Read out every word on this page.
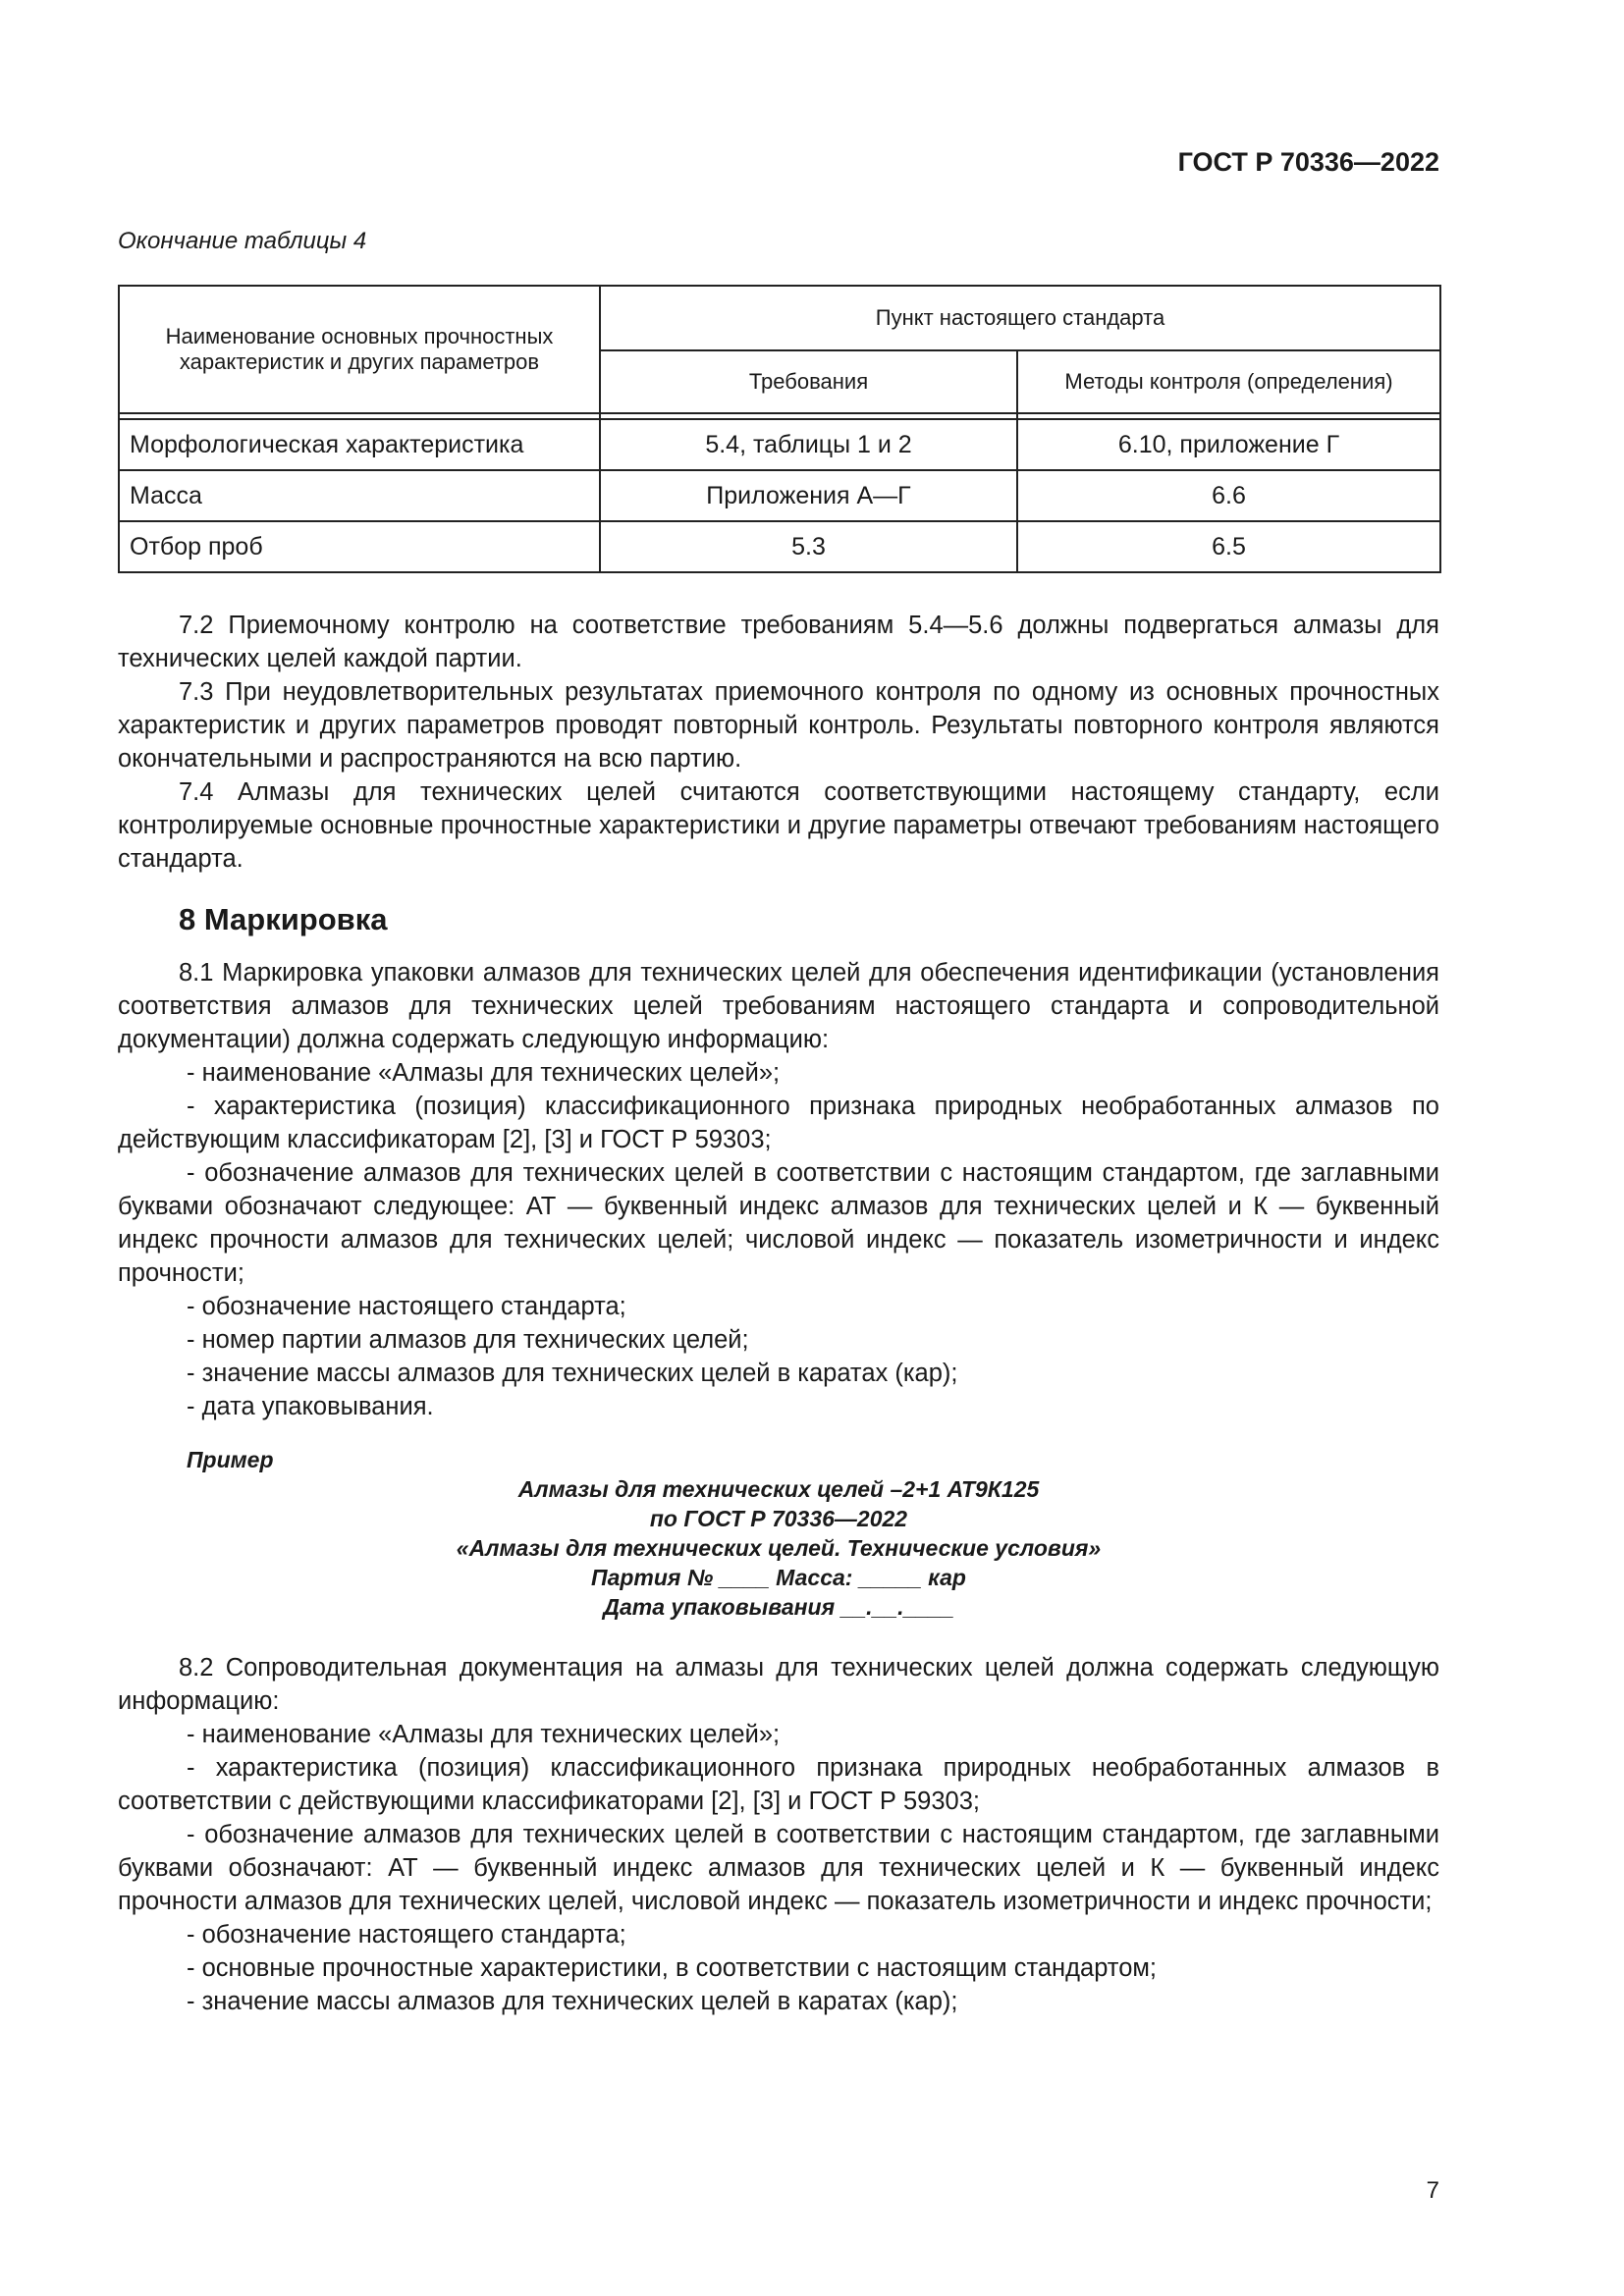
ГОСТ Р 70336—2022
Окончание таблицы 4
Наименование основных прочностных характеристик и других параметров	Пункт настоящего стандарта	
	Требования	Методы контроля (определения)

Морфологическая характеристика	5.4, таблицы 1 и 2	6.10, приложение Г
Масса	Приложения А—Г	6.6
Отбор проб	5.3	6.5

7.2 Приемочному контролю на соответствие требованиям 5.4—5.6 должны подвергаться алмазы для технических целей каждой партии.

7.3 При неудовлетворительных результатах приемочного контроля по одному из основных прочностных характеристик и других параметров проводят повторный контроль. Результаты повторного контроля являются окончательными и распространяются на всю партию.

7.4 Алмазы для технических целей считаются соответствующими настоящему стандарту, если контролируемые основные прочностные характеристики и другие параметры отвечают требованиям настоящего стандарта.

8 Маркировка

8.1 Маркировка упаковки алмазов для технических целей для обеспечения идентификации (установления соответствия алмазов для технических целей требованиям настоящего стандарта и сопроводительной документации) должна содержать следующую информацию:

- наименование «Алмазы для технических целей»;

- характеристика (позиция) классификационного признака природных необработанных алмазов по действующим классификаторам [2], [3] и ГОСТ Р 59303;

- обозначение алмазов для технических целей в соответствии с настоящим стандартом, где заглавными буквами обозначают следующее: АТ — буквенный индекс алмазов для технических целей и К — буквенный индекс прочности алмазов для технических целей; числовой индекс — показатель изометричности и индекс прочности;

- обозначение настоящего стандарта;

- номер партии алмазов для технических целей;

- значение массы алмазов для технических целей в каратах (кар);

- дата упаковывания.

Пример
Алмазы для технических целей –2+1 АТ9К125
по ГОСТ Р 70336—2022
«Алмазы для технических целей. Технические условия»
Партия № ____ Масса: _____ кар
Дата упаковывания __.__.____

8.2 Сопроводительная документация на алмазы для технических целей должна содержать следующую информацию:

- наименование «Алмазы для технических целей»;

- характеристика (позиция) классификационного признака природных необработанных алмазов в соответствии с действующими классификаторами [2], [3] и ГОСТ Р 59303;

- обозначение алмазов для технических целей в соответствии с настоящим стандартом, где заглавными буквами обозначают: АТ — буквенный индекс алмазов для технических целей и К — буквенный индекс прочности алмазов для технических целей, числовой индекс — показатель изометричности и индекс прочности;

- обозначение настоящего стандарта;

- основные прочностные характеристики, в соответствии с настоящим стандартом;

- значение массы алмазов для технических целей в каратах (кар);

7
